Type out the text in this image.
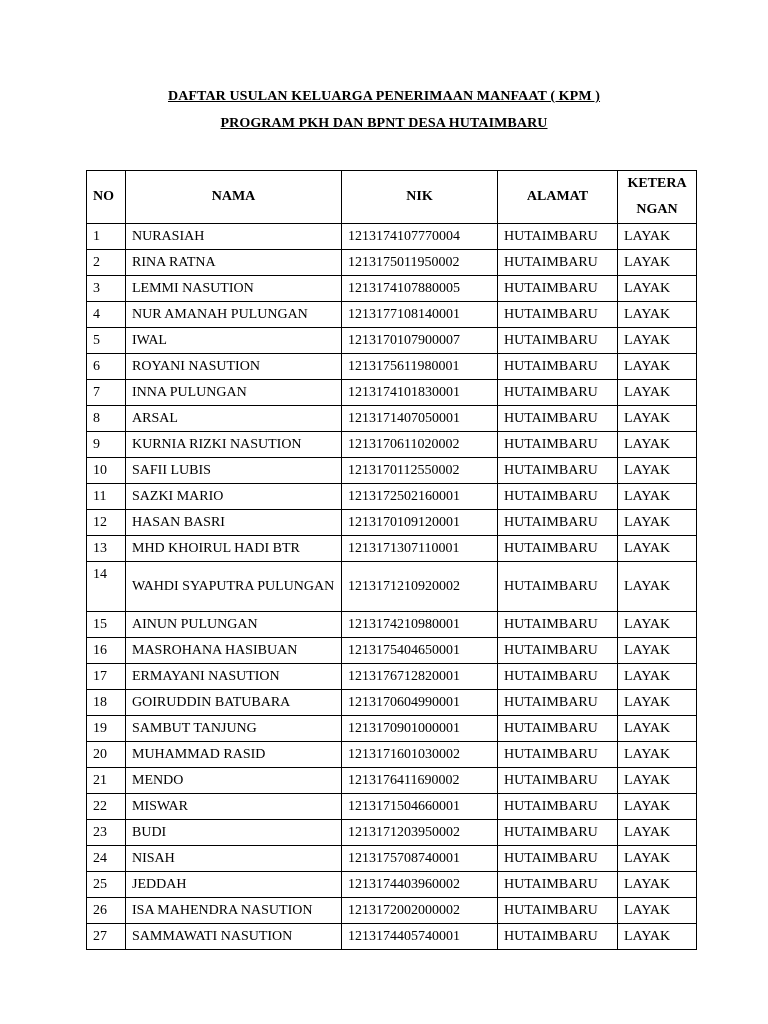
DAFTAR USULAN KELUARGA PENERIMAAN MANFAAT ( KPM )
PROGRAM PKH DAN BPNT DESA HUTAIMBARU
NO	NAMA	NIK	ALAMAT	KETERA
NGAN
1	NURASIAH	1213174107770004	HUTAIMBARU	LAYAK
2	RINA RATNA	1213175011950002	HUTAIMBARU	LAYAK
3	LEMMI NASUTION	1213174107880005	HUTAIMBARU	LAYAK
4	NUR AMANAH PULUNGAN	1213177108140001	HUTAIMBARU	LAYAK
5	IWAL	1213170107900007	HUTAIMBARU	LAYAK
6	ROYANI NASUTION	1213175611980001	HUTAIMBARU	LAYAK
7	INNA PULUNGAN	1213174101830001	HUTAIMBARU	LAYAK
8	ARSAL	1213171407050001	HUTAIMBARU	LAYAK
9	KURNIA RIZKI NASUTION	1213170611020002	HUTAIMBARU	LAYAK
10	SAFII LUBIS	1213170112550002	HUTAIMBARU	LAYAK
11	SAZKI MARIO	1213172502160001	HUTAIMBARU	LAYAK
12	HASAN BASRI	1213170109120001	HUTAIMBARU	LAYAK
13	MHD KHOIRUL HADI BTR	1213171307110001	HUTAIMBARU	LAYAK
14	WAHDI SYAPUTRA PULUNGAN	1213171210920002	HUTAIMBARU	LAYAK
15	AINUN PULUNGAN	1213174210980001	HUTAIMBARU	LAYAK
16	MASROHANA HASIBUAN	1213175404650001	HUTAIMBARU	LAYAK
17	ERMAYANI NASUTION	1213176712820001	HUTAIMBARU	LAYAK
18	GOIRUDDIN BATUBARA	1213170604990001	HUTAIMBARU	LAYAK
19	SAMBUT TANJUNG	1213170901000001	HUTAIMBARU	LAYAK
20	MUHAMMAD RASID	1213171601030002	HUTAIMBARU	LAYAK
21	MENDO	1213176411690002	HUTAIMBARU	LAYAK
22	MISWAR	1213171504660001	HUTAIMBARU	LAYAK
23	BUDI	1213171203950002	HUTAIMBARU	LAYAK
24	NISAH	1213175708740001	HUTAIMBARU	LAYAK
25	JEDDAH	1213174403960002	HUTAIMBARU	LAYAK
26	ISA MAHENDRA NASUTION	1213172002000002	HUTAIMBARU	LAYAK
27	SAMMAWATI NASUTION	1213174405740001	HUTAIMBARU	LAYAK
